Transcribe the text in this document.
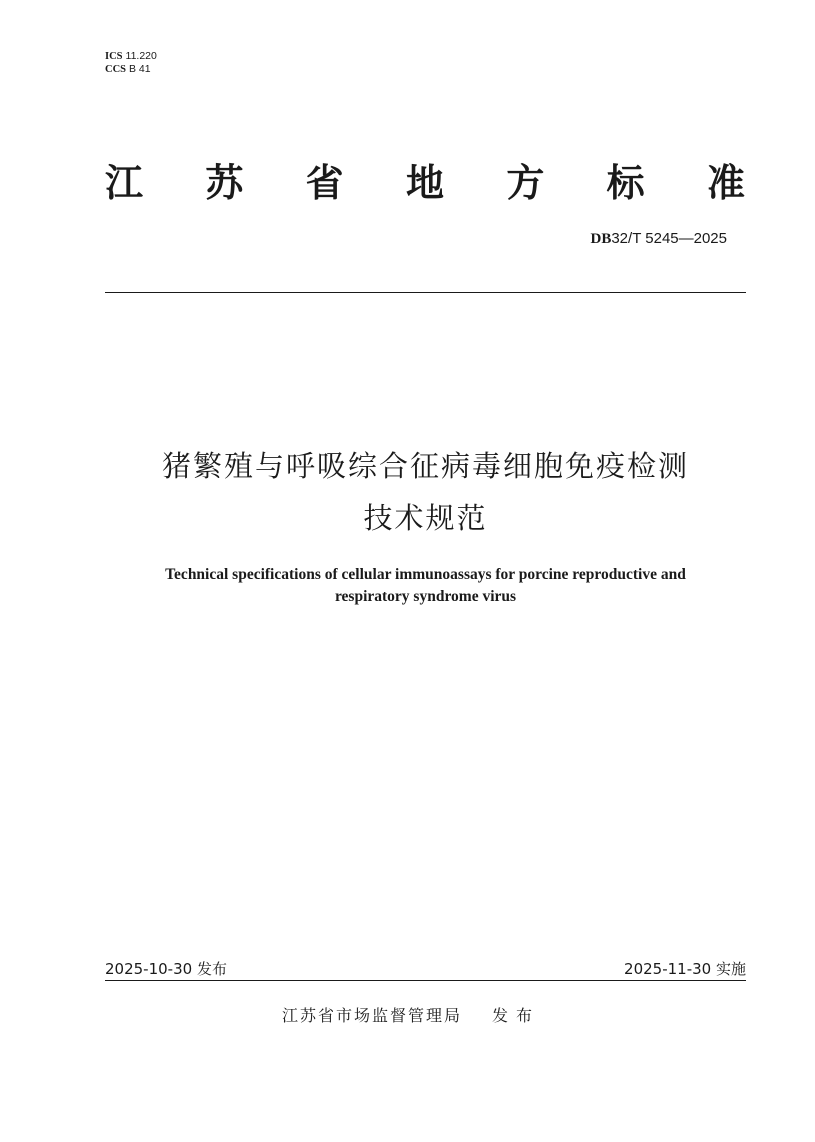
ICS 11.220
CCS B 41
江 苏 省 地 方 标 准
DB32/T 5245—2025
猪繁殖与呼吸综合征病毒细胞免疫检测
技术规范
Technical specifications of cellular immunoassays for porcine reproductive and
respiratory syndrome virus
2025-10-30 发布	2025-11-30 实施
江苏省市场监督管理局 发布
